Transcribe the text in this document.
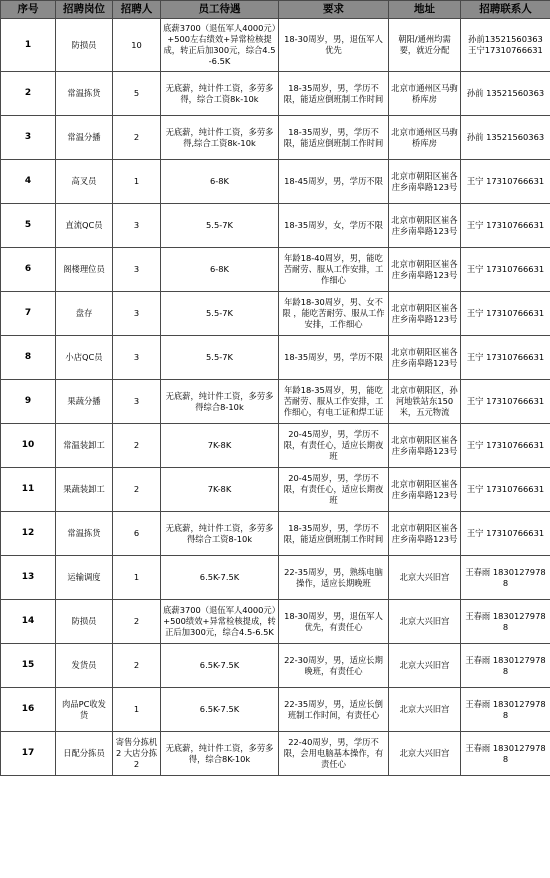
序号	招聘岗位	招聘人	员工待遇	要求	地址	招聘联系人
1	防损员	10	底薪3700（退伍军人4000元）+500左右绩效+异常检核提成，转正后加300元，综合4.5-6.5K	18-30周岁，男，退伍军人优先	朝阳/通州均需要，就近分配	孙前13521560363 王宁17310766631
2	常温拣货	5	无底薪，纯计件工资，多劳多得，综合工资8k-10k	18-35周岁，男，学历不限，能适应倒班制工作时间	北京市通州区马驹桥库房	孙前 13521560363
3	常温分播	2	无底薪，纯计件工资，多劳多得,综合工资8k-10k	18-35周岁，男，学历不限，能适应倒班制工作时间	北京市通州区马驹桥库房	孙前 13521560363
4	高叉员	1	6-8K	18-45周岁，男，学历不限	北京市朝阳区崔各庄乡南皋路123号	王宁 17310766631
5	直流QC员	3	5.5-7K	18-35周岁，女，学历不限	北京市朝阳区崔各庄乡南皋路123号	王宁 17310766631
6	阁楼理位员	3	6-8K	年龄18-40周岁，男，能吃苦耐劳、服从工作安排，工作细心	北京市朝阳区崔各庄乡南皋路123号	王宁 17310766631
7	盘存	3	5.5-7K	年龄18-30周岁，男、女不限 ，能吃苦耐劳、服从工作安排，工作细心	北京市朝阳区崔各庄乡南皋路123号	王宁 17310766631
8	小店QC员	3	5.5-7K	18-35周岁，男，学历不限	北京市朝阳区崔各庄乡南皋路123号	王宁 17310766631
9	果蔬分播	3	无底薪，纯计件工资，多劳多得综合8-10k	年龄18-35周岁，男，能吃苦耐劳、服从工作安排，工作细心，有电工证和焊工证	北京市朝阳区，孙河地铁站东150米，五元物流	王宁 17310766631
10	常温装卸工	2	7K-8K	20-45周岁，男，学历不限，有责任心，适应长期夜班	北京市朝阳区崔各庄乡南皋路123号	王宁 17310766631
11	果蔬装卸工	2	7K-8K	20-45周岁，男，学历不限，有责任心，适应长期夜班	北京市朝阳区崔各庄乡南皋路123号	王宁 17310766631
12	常温拣货	6	无底薪，纯计件工资，多劳多得综合工资8-10k	18-35周岁，男，学历不限，能适应倒班制工作时间	北京市朝阳区崔各庄乡南皋路123号	王宁 17310766631
13	运输调度	1	6.5K-7.5K	22-35周岁，男，熟练电脑操作，适应长期晚班	北京大兴旧宫	王春雨 18301279788
14	防损员	2	底薪3700（退伍军人4000元）+500绩效+异常检核提成，转正后加300元，综合4.5-6.5K	18-30周岁，男，退伍军人优先，有责任心	北京大兴旧宫	王春雨 18301279788
15	发货员	2	6.5K-7.5K	22-30周岁，男，适应长期晚班，有责任心	北京大兴旧宫	王春雨 18301279788
16	肉品PC收发货	1	6.5K-7.5K	22-35周岁，男，适应长倒班制工作时间，有责任心	北京大兴旧宫	王春雨 18301279788
17	日配分拣员	寄售分拣机2 大店分拣2	无底薪，纯计件工资，多劳多得，综合8K-10k	22-40周岁，男，学历不限，会用电脑基本操作，有责任心	北京大兴旧宫	王春雨 18301279788
